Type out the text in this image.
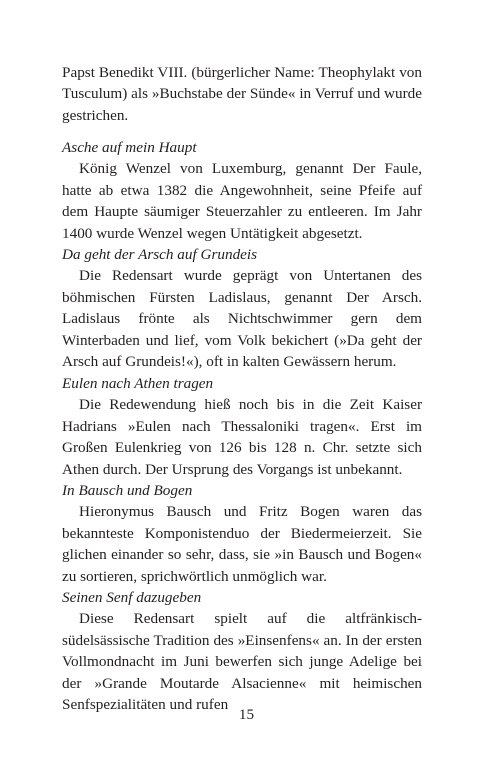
Papst Benedikt VIII. (bürgerlicher Name: Theophylakt von Tusculum) als »Buchstabe der Sünde« in Verruf und wurde gestrichen.
Asche auf mein Haupt

König Wenzel von Luxemburg, genannt Der Faule, hatte ab etwa 1382 die Angewohnheit, seine Pfeife auf dem Haupte säumiger Steuerzahler zu entleeren. Im Jahr 1400 wurde Wenzel wegen Untätigkeit abgesetzt.

Da geht der Arsch auf Grundeis

Die Redensart wurde geprägt von Untertanen des böhmischen Fürsten Ladislaus, genannt Der Arsch. Ladislaus frönte als Nichtschwimmer gern dem Winterbaden und lief, vom Volk bekichert (»Da geht der Arsch auf Grundeis!«), oft in kalten Gewässern herum.

Eulen nach Athen tragen

Die Redewendung hieß noch bis in die Zeit Kaiser Hadrians »Eulen nach Thessaloniki tragen«. Erst im Großen Eulenkrieg von 126 bis 128 n. Chr. setzte sich Athen durch. Der Ursprung des Vorgangs ist unbekannt.

In Bausch und Bogen

Hieronymus Bausch und Fritz Bogen waren das bekannteste Komponistenduo der Biedermeierzeit. Sie glichen einander so sehr, dass, sie »in Bausch und Bogen« zu sortieren, sprichwörtlich unmöglich war.

Seinen Senf dazugeben

Diese Redensart spielt auf die altfränkisch-südelsässische Tradition des »Einsenfens« an. In der ersten Vollmondnacht im Juni bewerfen sich junge Adelige bei der »Grande Moutarde Alsacienne« mit heimischen Senfspezialitäten und rufen

15
